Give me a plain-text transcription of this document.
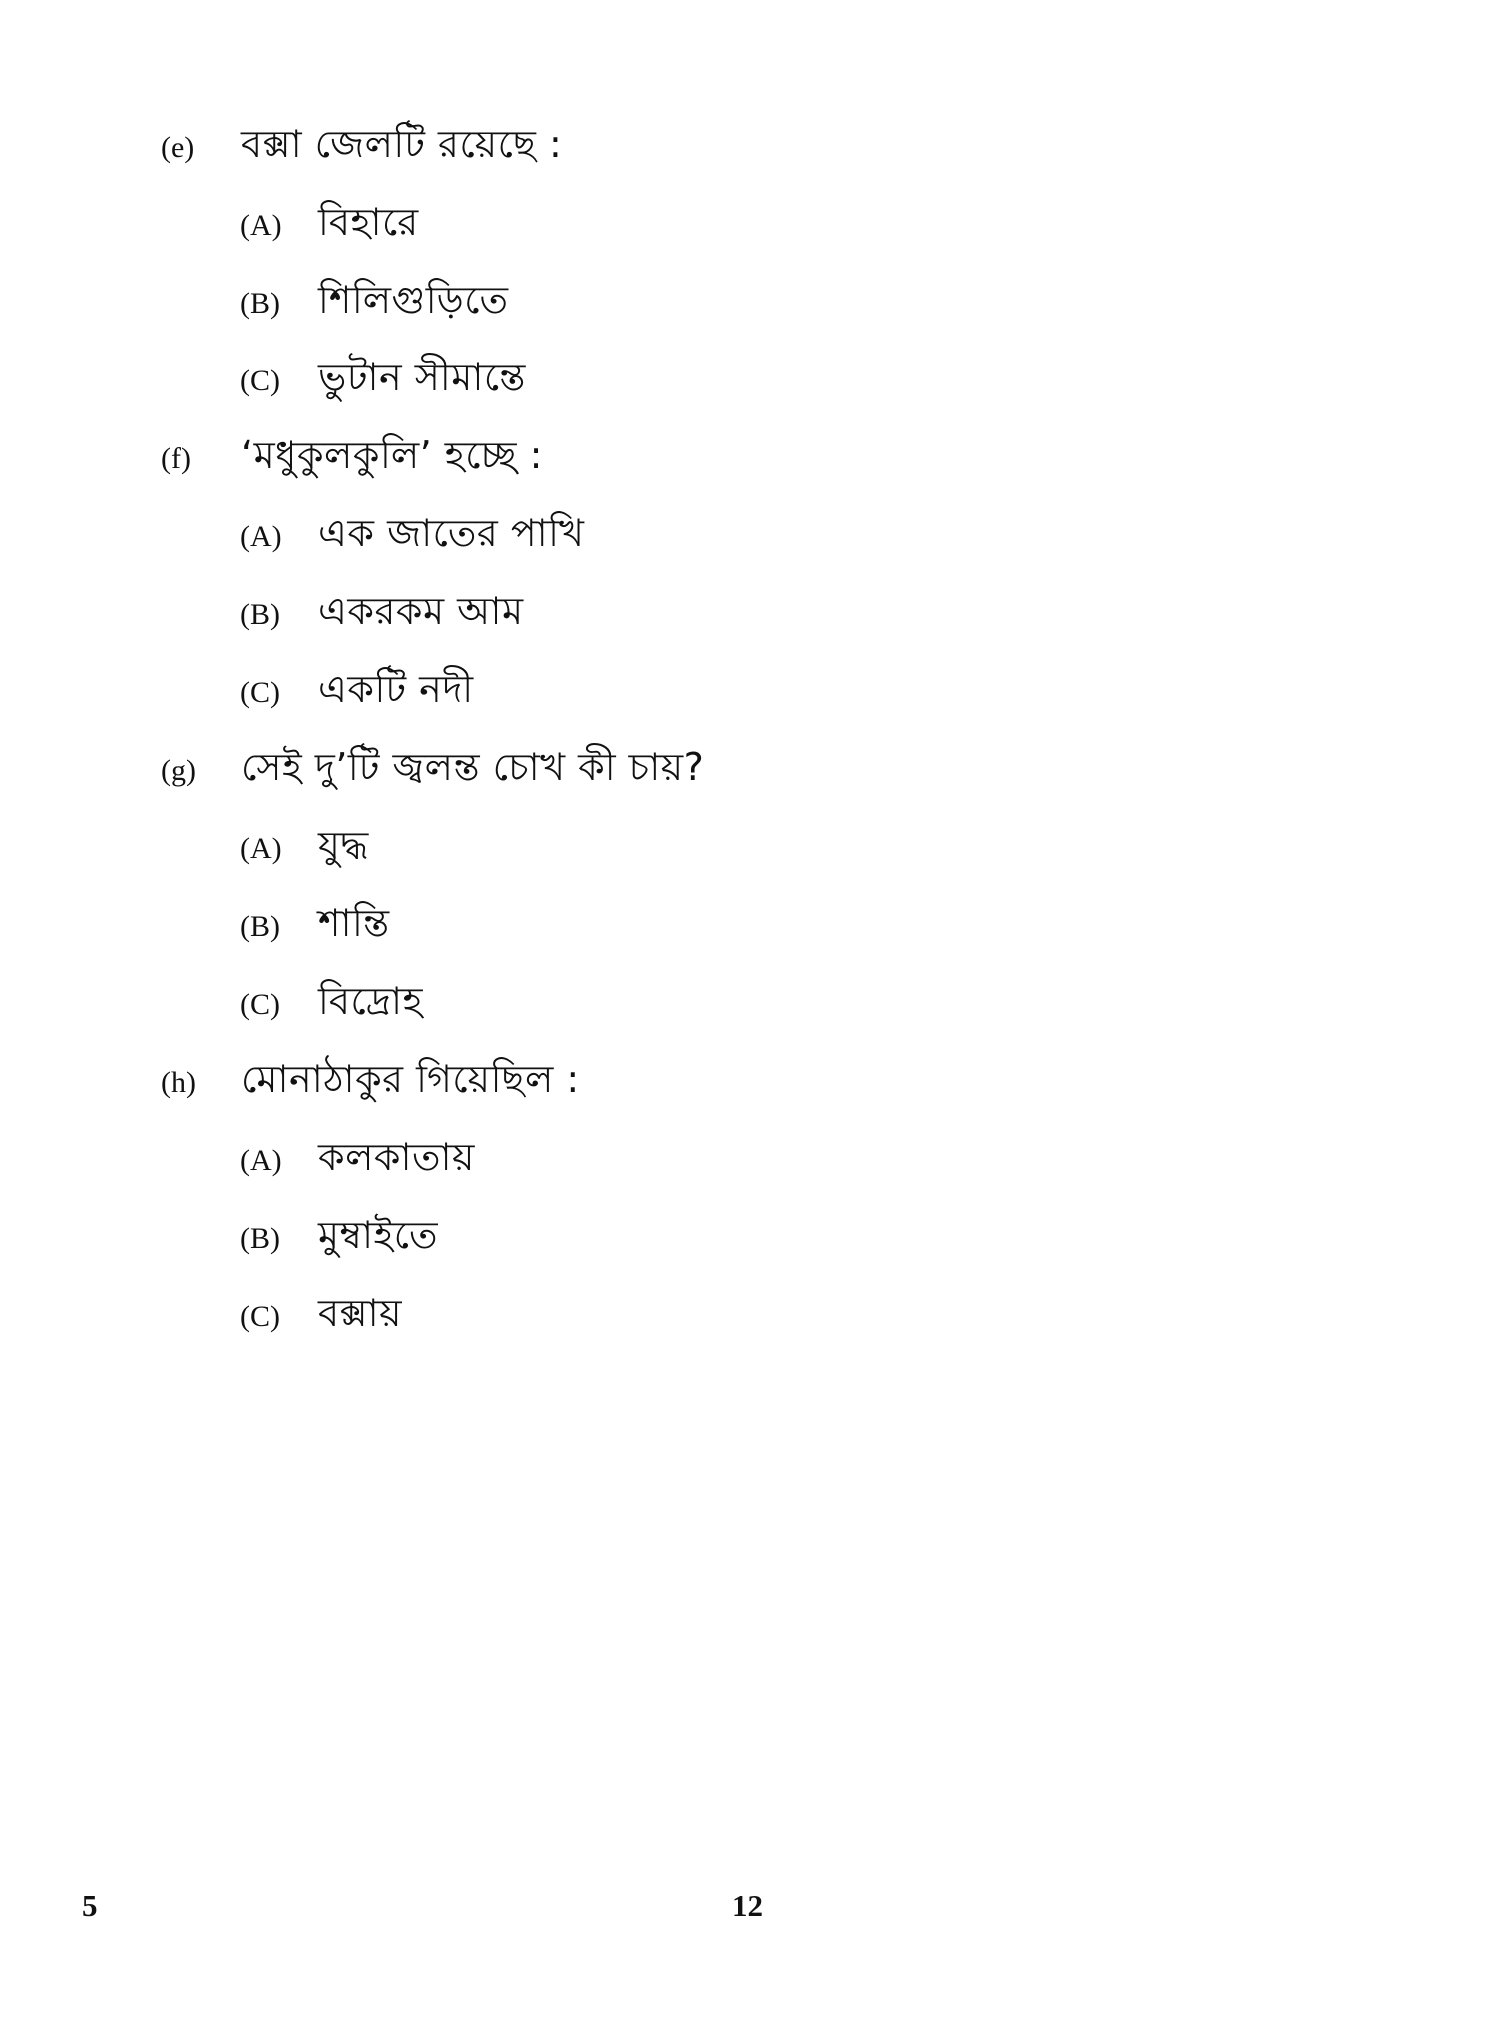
(e)	বক্সা জেলটি রয়েছে :
(A) বিহারে
(B)	শিলিগুড়িতে
(C)	ভুটান সীমান্তে
(f)	‘মধুকুলকুলি’ হচ্ছে :
(A) এক জাতের পাখি
(B)	একরকম আম
(C)	একটি নদী
(g)	সেই দু’টি জ্বলন্ত চোখ কী চায়?
(A) যুদ্ধ
(B)	শান্তি
(C)	বিদ্রোহ
(h)	মোনাঠাকুর গিয়েছিল :
(A) কলকাতায়
(B)	মুম্বাইতে
(C)	বক্সায়
5	12
